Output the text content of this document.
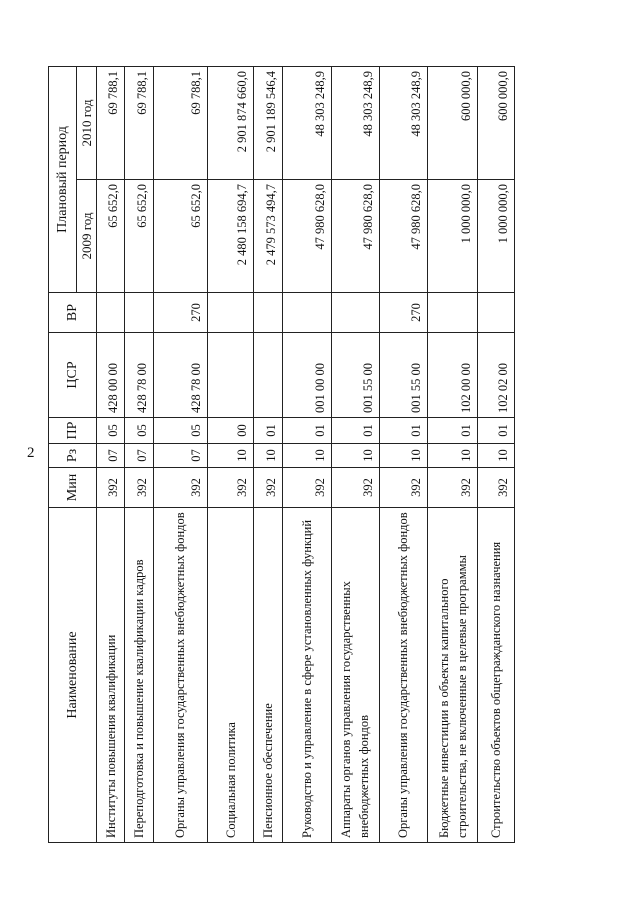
2
Наименование	Мин	Рз	ПР	ЦСР	ВР	Плановый период	
						2009 год	2010 год
Институты повышения квалификации	392	07	05	428 00 00		65 652,0	69 788,1
Переподготовка и повышение квалификации кадров	392	07	05	428 78 00		65 652,0	69 788,1
Органы управления государственных внебюджетных фондов	392	07	05	428 78 00	270	65 652,0	69 788,1
Социальная политика	392	10	00			2 480 158 694,7	2 901 874 660,0
Пенсионное обеспечение	392	10	01			2 479 573 494,7	2 901 189 546,4
Руководство и управление в сфере установленных функций	392	10	01	001 00 00		47 980 628,0	48 303 248,9
Аппараты органов управления государственных внебюджетных фондов	392	10	01	001 55 00		47 980 628,0	48 303 248,9
Органы управления государственных внебюджетных фондов	392	10	01	001 55 00	270	47 980 628,0	48 303 248,9
Бюджетные инвестиции в объекты капитального строительства, не включенные в целевые программы	392	10	01	102 00 00		1 000 000,0	600 000,0
Строительство объектов общегражданского назначения	392	10	01	102 02 00		1 000 000,0	600 000,0
